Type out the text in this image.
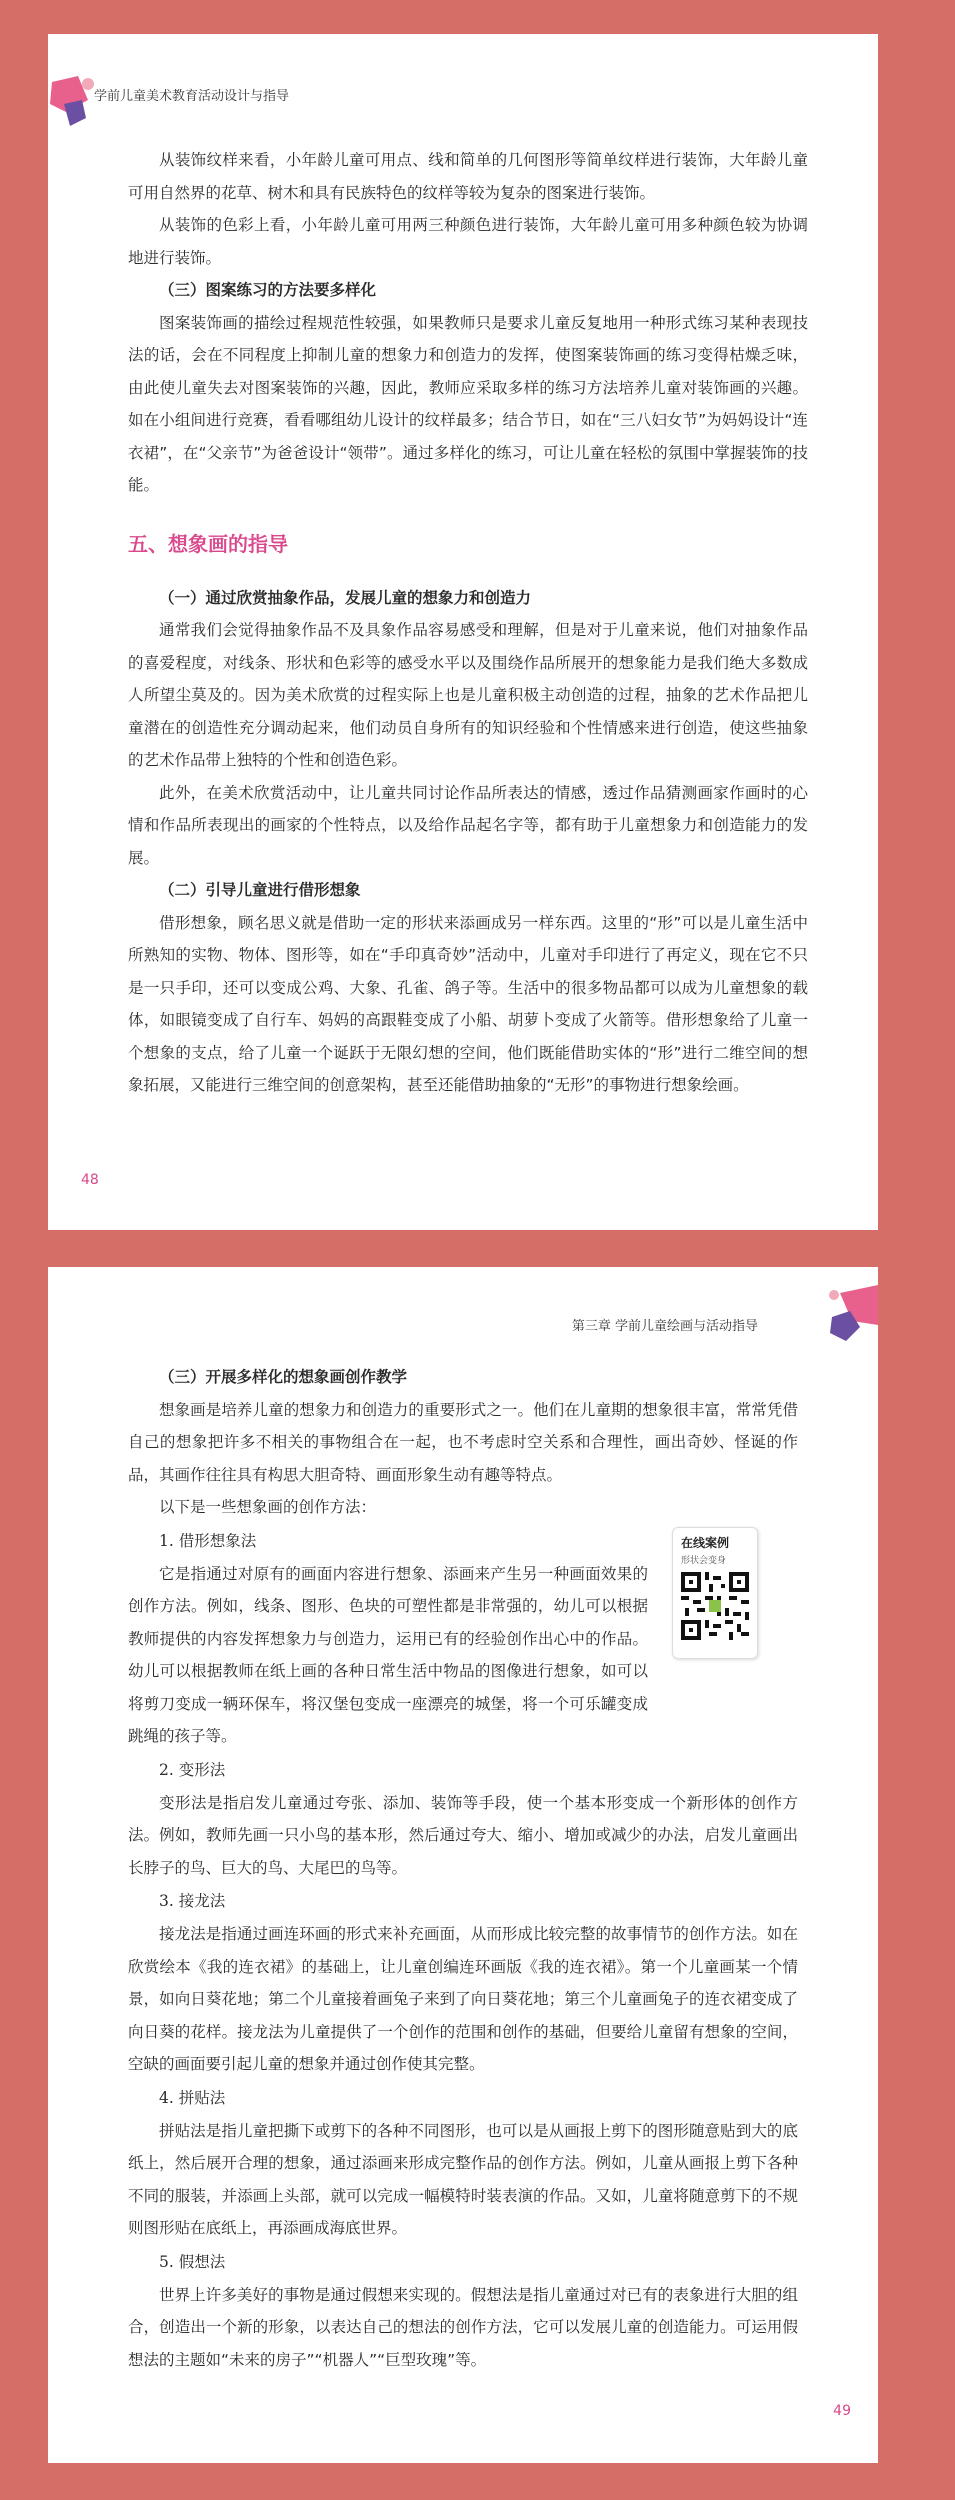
学前儿童美术教育活动设计与指导

从装饰纹样来看，小年龄儿童可用点、线和简单的几何图形等简单纹样进行装饰，大年龄儿童可用自然界的花草、树木和具有民族特色的纹样等较为复杂的图案进行装饰。

从装饰的色彩上看，小年龄儿童可用两三种颜色进行装饰，大年龄儿童可用多种颜色较为协调地进行装饰。

（三）图案练习的方法要多样化

图案装饰画的描绘过程规范性较强，如果教师只是要求儿童反复地用一种形式练习某种表现技法的话，会在不同程度上抑制儿童的想象力和创造力的发挥，使图案装饰画的练习变得枯燥乏味，由此使儿童失去对图案装饰的兴趣，因此，教师应采取多样的练习方法培养儿童对装饰画的兴趣。如在小组间进行竞赛，看看哪组幼儿设计的纹样最多；结合节日，如在“三八妇女节”为妈妈设计“连衣裙”，在“父亲节”为爸爸设计“领带”。通过多样化的练习，可让儿童在轻松的氛围中掌握装饰的技能。

五、想象画的指导
（一）通过欣赏抽象作品，发展儿童的想象力和创造力

通常我们会觉得抽象作品不及具象作品容易感受和理解，但是对于儿童来说，他们对抽象作品的喜爱程度，对线条、形状和色彩等的感受水平以及围绕作品所展开的想象能力是我们绝大多数成人所望尘莫及的。因为美术欣赏的过程实际上也是儿童积极主动创造的过程，抽象的艺术作品把儿童潜在的创造性充分调动起来，他们动员自身所有的知识经验和个性情感来进行创造，使这些抽象的艺术作品带上独特的个性和创造色彩。

此外，在美术欣赏活动中，让儿童共同讨论作品所表达的情感，透过作品猜测画家作画时的心情和作品所表现出的画家的个性特点，以及给作品起名字等，都有助于儿童想象力和创造能力的发展。

（二）引导儿童进行借形想象

借形想象，顾名思义就是借助一定的形状来添画成另一样东西。这里的“形”可以是儿童生活中所熟知的实物、物体、图形等，如在“手印真奇妙”活动中，儿童对手印进行了再定义，现在它不只是一只手印，还可以变成公鸡、大象、孔雀、鸽子等。生活中的很多物品都可以成为儿童想象的载体，如眼镜变成了自行车、妈妈的高跟鞋变成了小船、胡萝卜变成了火箭等。借形想象给了儿童一个想象的支点，给了儿童一个诞跃于无限幻想的空间，他们既能借助实体的“形”进行二维空间的想象拓展，又能进行三维空间的创意架构，甚至还能借助抽象的“无形”的事物进行想象绘画。

48
第三章 学前儿童绘画与活动指导
（三）开展多样化的想象画创作教学

想象画是培养儿童的想象力和创造力的重要形式之一。他们在儿童期的想象很丰富，常常凭借自己的想象把许多不相关的事物组合在一起，也不考虑时空关系和合理性，画出奇妙、怪诞的作品，其画作往往具有构思大胆奇特、画面形象生动有趣等特点。

以下是一些想象画的创作方法：

1. 借形想象法

它是指通过对原有的画面内容进行想象、添画来产生另一种画面效果的创作方法。例如，线条、图形、色块的可塑性都是非常强的，幼儿可以根据教师提供的内容发挥想象力与创造力，运用已有的经验创作出心中的作品。幼儿可以根据教师在纸上画的各种日常生活中物品的图像进行想象，如可以将剪刀变成一辆环保车，将汉堡包变成一座漂亮的城堡，将一个可乐罐变成跳绳的孩子等。

2. 变形法

变形法是指启发儿童通过夸张、添加、装饰等手段，使一个基本形变成一个新形体的创作方法。例如，教师先画一只小鸟的基本形，然后通过夸大、缩小、增加或减少的办法，启发儿童画出长脖子的鸟、巨大的鸟、大尾巴的鸟等。

3. 接龙法

接龙法是指通过画连环画的形式来补充画面，从而形成比较完整的故事情节的创作方法。如在欣赏绘本《我的连衣裙》的基础上，让儿童创编连环画版《我的连衣裙》。第一个儿童画某一个情景，如向日葵花地；第二个儿童接着画兔子来到了向日葵花地；第三个儿童画兔子的连衣裙变成了向日葵的花样。接龙法为儿童提供了一个创作的范围和创作的基础，但要给儿童留有想象的空间，空缺的画面要引起儿童的想象并通过创作使其完整。

4. 拼贴法

拼贴法是指儿童把撕下或剪下的各种不同图形，也可以是从画报上剪下的图形随意贴到大的底纸上，然后展开合理的想象，通过添画来形成完整作品的创作方法。例如，儿童从画报上剪下各种不同的服装，并添画上头部，就可以完成一幅模特时装表演的作品。又如，儿童将随意剪下的不规则图形贴在底纸上，再添画成海底世界。

5. 假想法

世界上许多美好的事物是通过假想来实现的。假想法是指儿童通过对已有的表象进行大胆的组合，创造出一个新的形象，以表达自己的想法的创作方法，它可以发展儿童的创造能力。可运用假想法的主题如“未来的房子”“机器人”“巨型玫瑰”等。

49
在线案例
形状会变身
